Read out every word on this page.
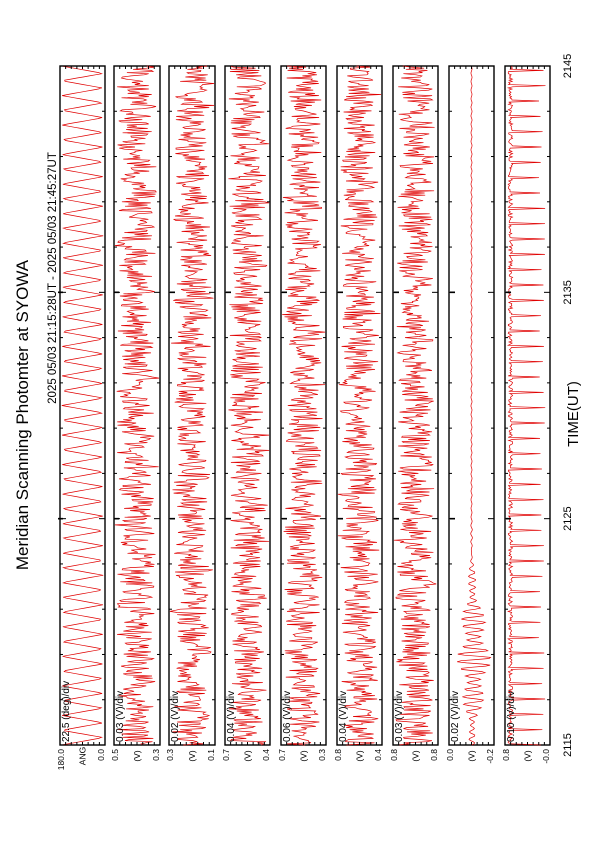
Meridian Scanning Photomter at SYOWA 2025 05/03 21:15:28UT - 2025 05/03 21:45:27UT
TIME(UT)
2115
2125
2135
2145
22.5 (deg)/div
180.0	0.0
ANG
0.03 (V)/div
0.5	0.3
(V)
0.02 (V)/div
0.3	0.1
(V)
0.04 (V)/div
0.7	0.4
(V)
0.06 (V)/div
0.7	0.3
(V)
0.04 (V)/div
0.8	0.4
(V)
0.03 (V)/div
0.8	0.8
(V)
0.02 (V)/div
0.0	-0.2
(V)
0.10 (V)/div
0.8	-0.0
(V)
